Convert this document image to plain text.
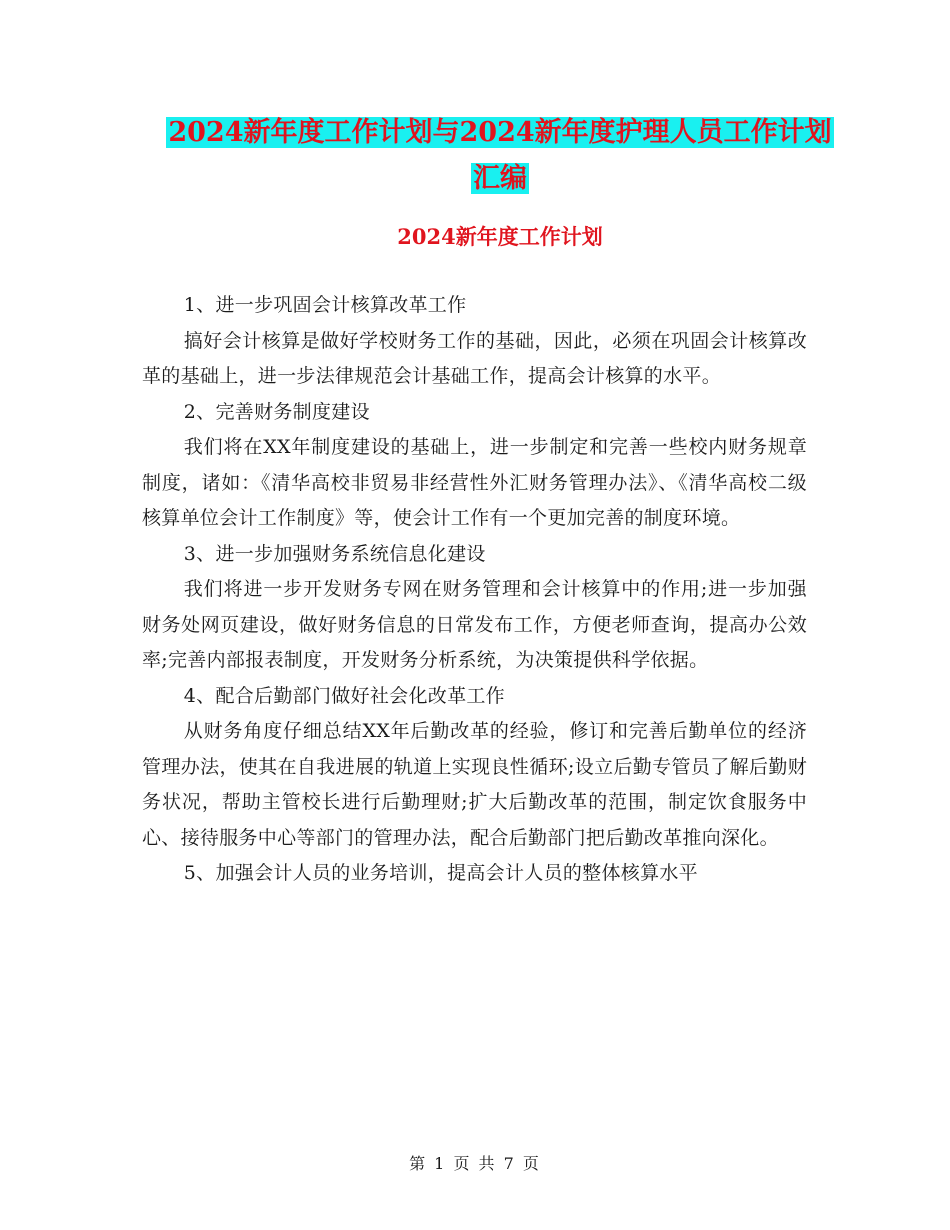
2024新年度工作计划与2024新年度护理人员工作计划
汇编
2024新年度工作计划

1、进一步巩固会计核算改革工作

搞好会计核算是做好学校财务工作的基础，因此，必须在巩固会计核算改革的基础上，进一步法律规范会计基础工作，提高会计核算的水平。

2、完善财务制度建设

我们将在XX年制度建设的基础上，进一步制定和完善一些校内财务规章制度，诸如：《清华高校非贸易非经营性外汇财务管理办法》、《清华高校二级核算单位会计工作制度》等，使会计工作有一个更加完善的制度环境。

3、进一步加强财务系统信息化建设

我们将进一步开发财务专网在财务管理和会计核算中的作用;进一步加强财务处网页建设，做好财务信息的日常发布工作，方便老师查询，提高办公效率;完善内部报表制度，开发财务分析系统，为决策提供科学依据。

4、配合后勤部门做好社会化改革工作

从财务角度仔细总结XX年后勤改革的经验，修订和完善后勤单位的经济管理办法，使其在自我进展的轨道上实现良性循环;设立后勤专管员了解后勤财务状况，帮助主管校长进行后勤理财;扩大后勤改革的范围，制定饮食服务中心、接待服务中心等部门的管理办法，配合后勤部门把后勤改革推向深化。

5、加强会计人员的业务培训，提高会计人员的整体核算水平

第 1 页 共 7 页
